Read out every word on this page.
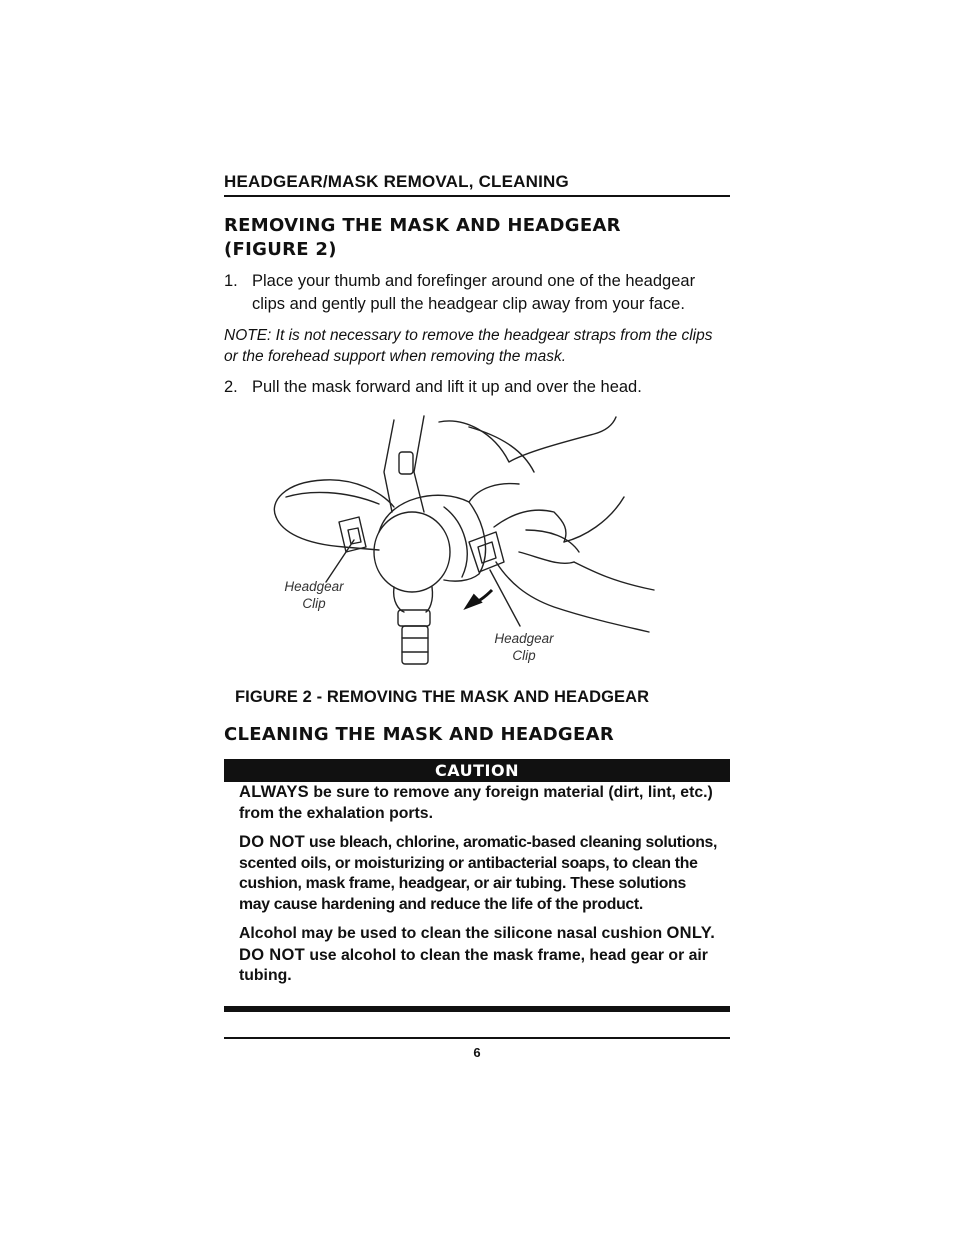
HEADGEAR/MASK REMOVAL, CLEANING
REMOVING THE MASK AND HEADGEAR
(FIGURE 2)
1. Place your thumb and forefinger around one of the headgear clips and gently pull the headgear clip away from your face.
NOTE: It is not necessary to remove the headgear straps from the clips or the forehead support when removing the mask.
2. Pull the mask forward and lift it up and over the head.
Headgear
Clip
Headgear
Clip
FIGURE 2 - REMOVING THE MASK AND HEADGEAR
CLEANING THE MASK AND HEADGEAR
CAUTION

ALWAYS be sure to remove any foreign material (dirt, lint, etc.) from the exhalation ports.

DO NOT use bleach, chlorine, aromatic-based cleaning solutions, scented oils, or moisturizing or antibacterial soaps, to clean the cushion, mask frame, headgear, or air tubing. These solutions may cause hardening and reduce the life of the product.

Alcohol may be used to clean the silicone nasal cushion ONLY. DO NOT use alcohol to clean the mask frame, head gear or air tubing.

6
